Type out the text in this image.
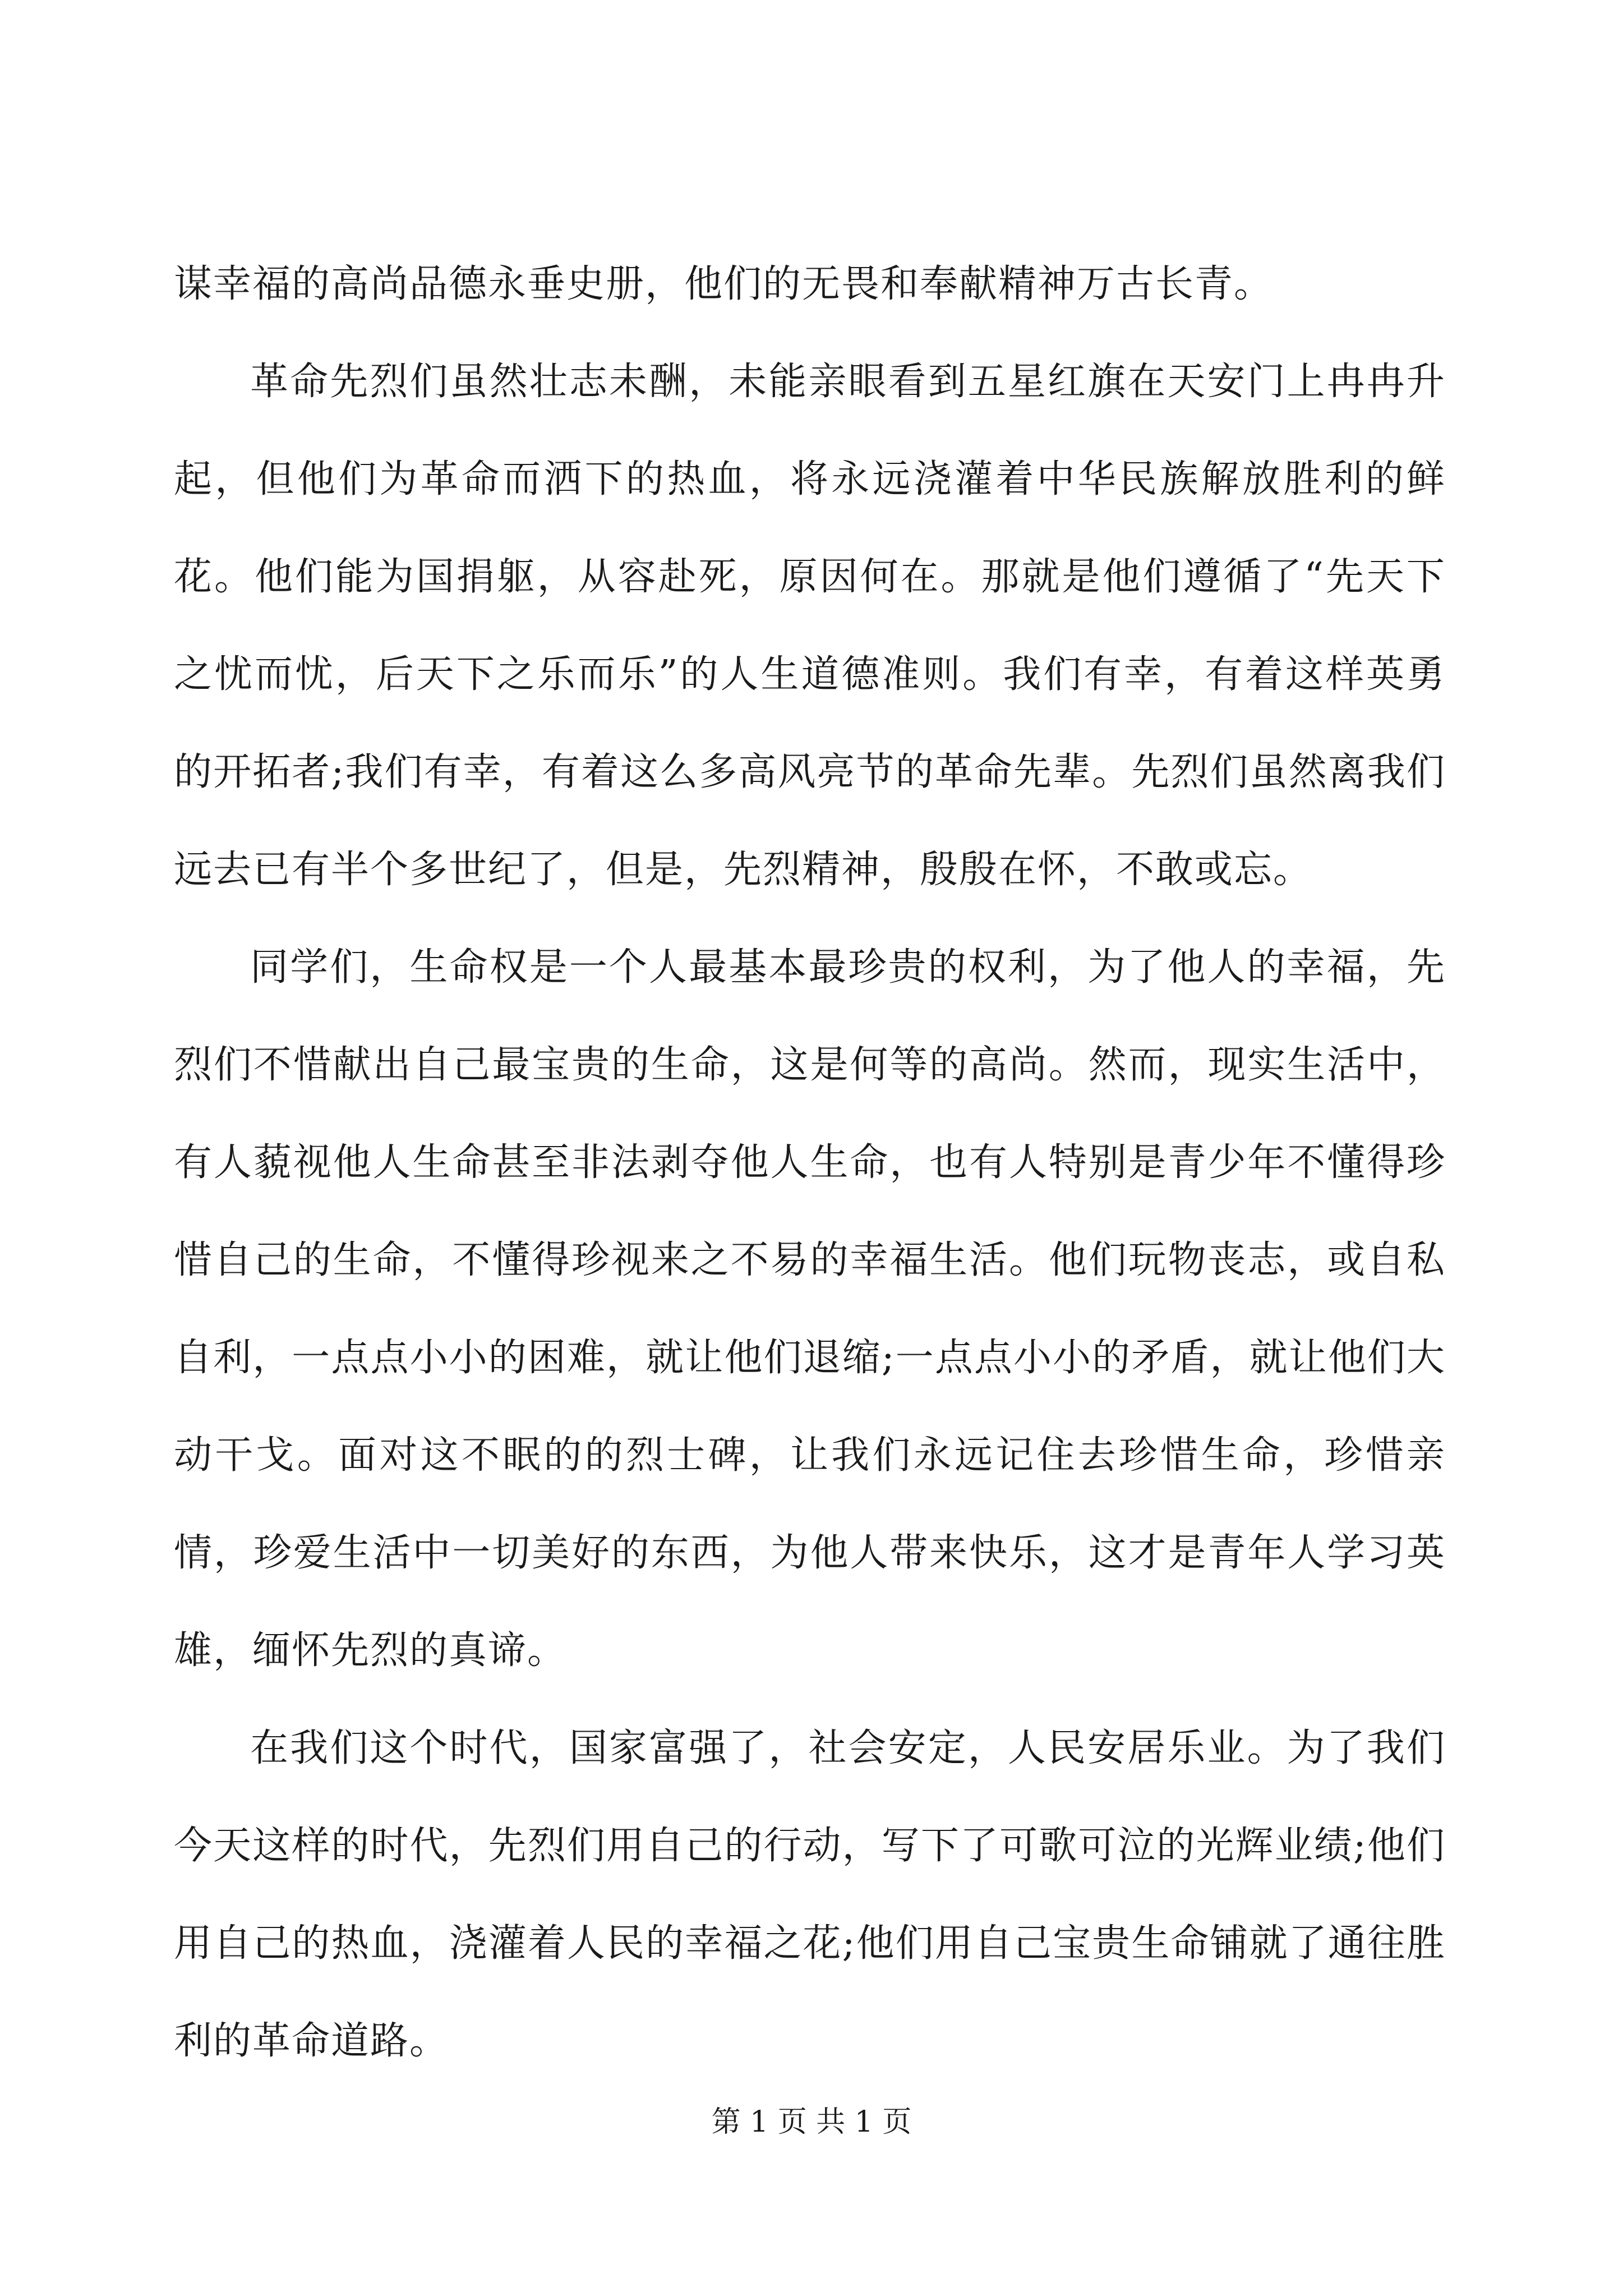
谋幸福的高尚品德永垂史册，他们的无畏和奉献精神万古长青。

革命先烈们虽然壮志未酬，未能亲眼看到五星红旗在天安门上冉冉升起，但他们为革命而洒下的热血，将永远浇灌着中华民族解放胜利的鲜花。他们能为国捐躯，从容赴死，原因何在。那就是他们遵循了“先天下之忧而忧，后天下之乐而乐”的人生道德准则。我们有幸，有着这样英勇的开拓者;我们有幸，有着这么多高风亮节的革命先辈。先烈们虽然离我们远去已有半个多世纪了，但是，先烈精神，殷殷在怀，不敢或忘。

同学们，生命权是一个人最基本最珍贵的权利，为了他人的幸福，先烈们不惜献出自己最宝贵的生命，这是何等的高尚。然而，现实生活中，有人藐视他人生命甚至非法剥夺他人生命，也有人特别是青少年不懂得珍惜自己的生命，不懂得珍视来之不易的幸福生活。他们玩物丧志，或自私自利，一点点小小的困难，就让他们退缩;一点点小小的矛盾，就让他们大动干戈。面对这不眠的的烈士碑，让我们永远记住去珍惜生命，珍惜亲情，珍爱生活中一切美好的东西，为他人带来快乐，这才是青年人学习英雄，缅怀先烈的真谛。

在我们这个时代，国家富强了，社会安定，人民安居乐业。为了我们今天这样的时代，先烈们用自己的行动，写下了可歌可泣的光辉业绩;他们用自己的热血，浇灌着人民的幸福之花;他们用自己宝贵生命铺就了通往胜利的革命道路。

第 1 页 共 1 页
